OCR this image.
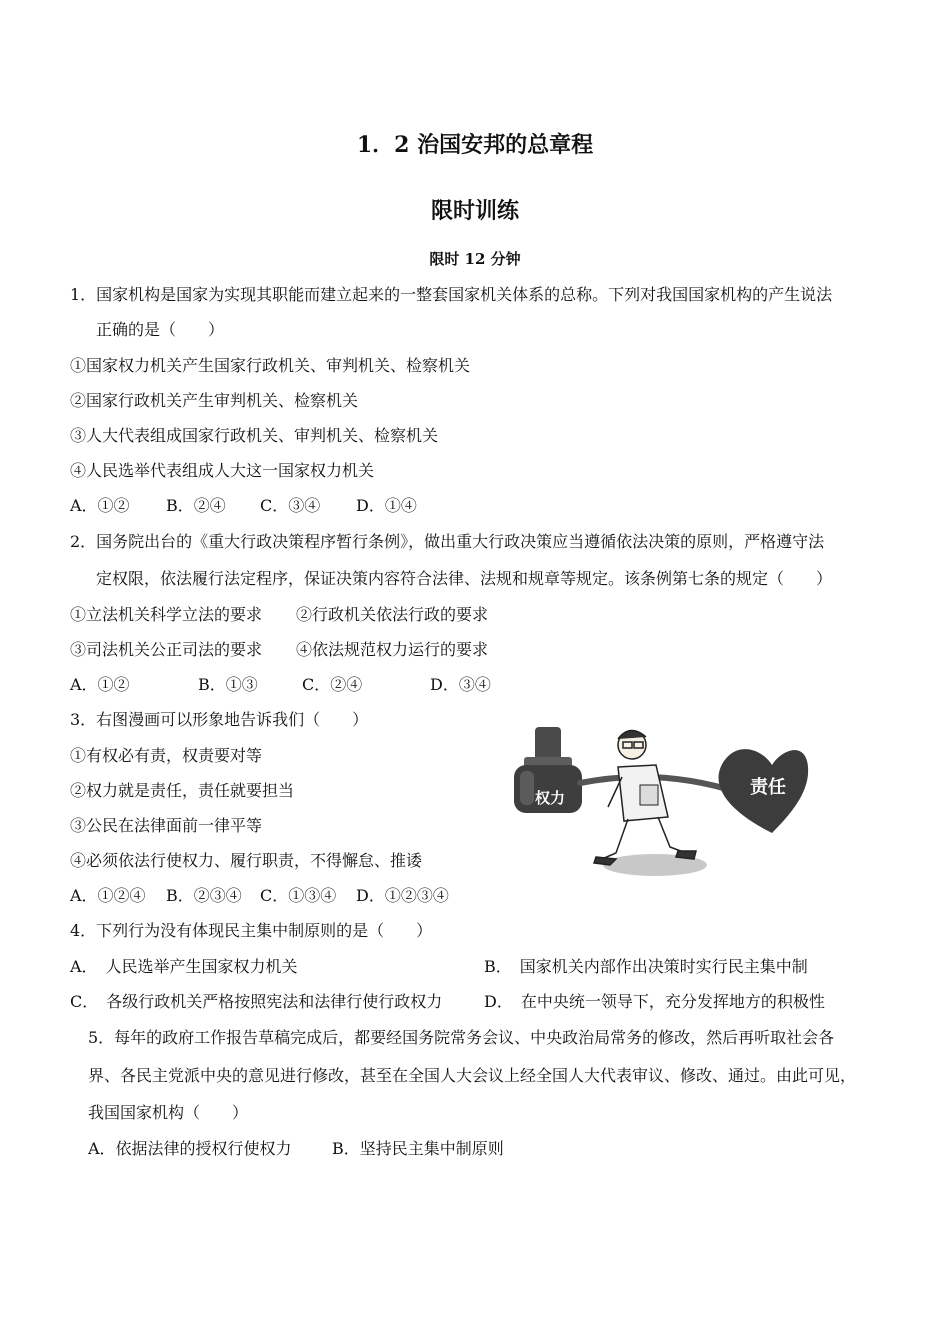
1．2 治国安邦的总章程
限时训练
限时 12 分钟
1．国家机构是国家为实现其职能而建立起来的一整套国家机关体系的总称。下列对我国国家机构的产生说法
正确的是（　　）
①国家权力机关产生国家行政机关、审判机关、检察机关
②国家行政机关产生审判机关、检察机关
③人大代表组成国家行政机关、审判机关、检察机关
④人民选举代表组成人大这一国家权力机关
A．①② B．②④ C．③④ D．①④
2．国务院出台的《重大行政决策程序暂行条例》，做出重大行政决策应当遵循依法决策的原则，严格遵守法
定权限，依法履行法定程序，保证决策内容符合法律、法规和规章等规定。该条例第七条的规定（　　）
①立法机关科学立法的要求 ②行政机关依法行政的要求
③司法机关公正司法的要求 ④依法规范权力运行的要求
A．①②	B．①③	C．②④	D．③④
3．右图漫画可以形象地告诉我们（　　）
①有权必有责，权责要对等
②权力就是责任，责任就要担当
③公民在法律面前一律平等
④必须依法行使权力、履行职责，不得懈怠、推诿
A．①②④ B．②③④ C．①③④ D．①②③④
权力
责任
4．下列行为没有体现民主集中制原则的是（　　）
A．　人民选举产生国家权力机关	B．　国家机关内部作出决策时实行民主集中制
C．　各级行政机关严格按照宪法和法律行使行政权力	D．　在中央统一领导下，充分发挥地方的积极性
5．每年的政府工作报告草稿完成后，都要经国务院常务会议、中央政治局常务的修改，然后再听取社会各
界、各民主党派中央的意见进行修改，甚至在全国人大会议上经全国人大代表审议、修改、通过。由此可见，
我国国家机构（　　）
A．依据法律的授权行使权力	B．坚持民主集中制原则
